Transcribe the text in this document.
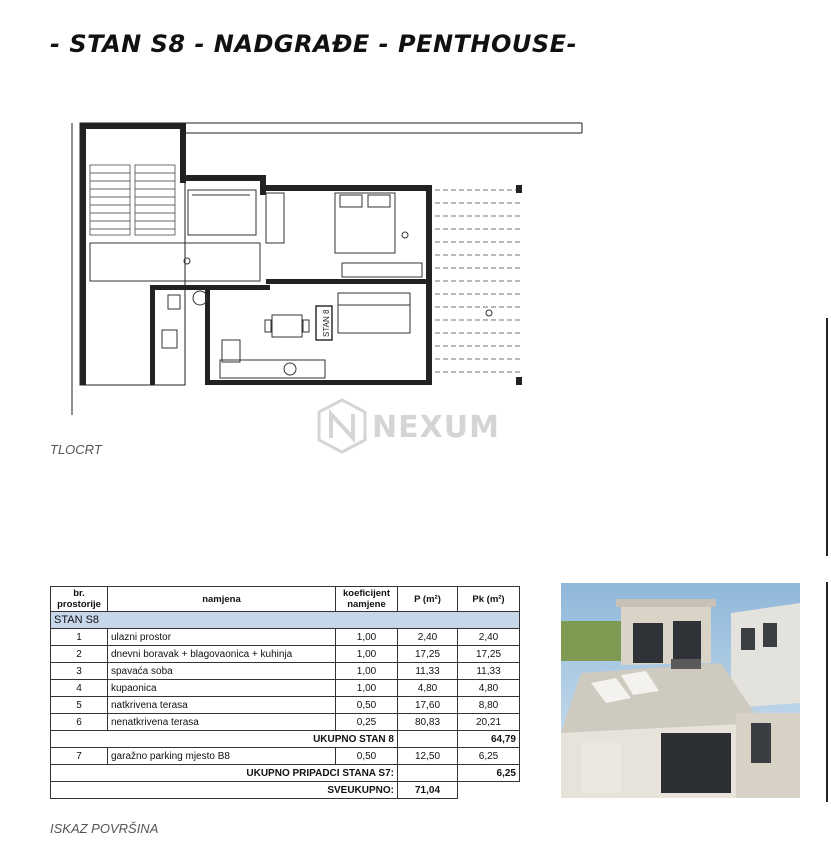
- STAN S8 - NADGRAĐE - PENTHOUSE-
STAN 8
TLOCRT
NEXUM
br. prostorije	namjena	koeficijent namjene	P (m²)	Pk (m²)
STAN S8				
1	ulazni prostor	1,00	2,40	2,40
2	dnevni boravak + blagovaonica + kuhinja	1,00	17,25	17,25
3	spavaća soba	1,00	11,33	11,33
4	kupaonica	1,00	4,80	4,80
5	natkrivena terasa	0,50	17,60	8,80
6	nenatkrivena terasa	0,25	80,83	20,21
UKUPNO STAN 8				64,79
7	garažno parking mjesto B8	0,50	12,50	6,25
UKUPNO PRIPADCI STANA S7:				6,25
SVEUKUPNO:			71,04	
ISKAZ POVRŠINA
